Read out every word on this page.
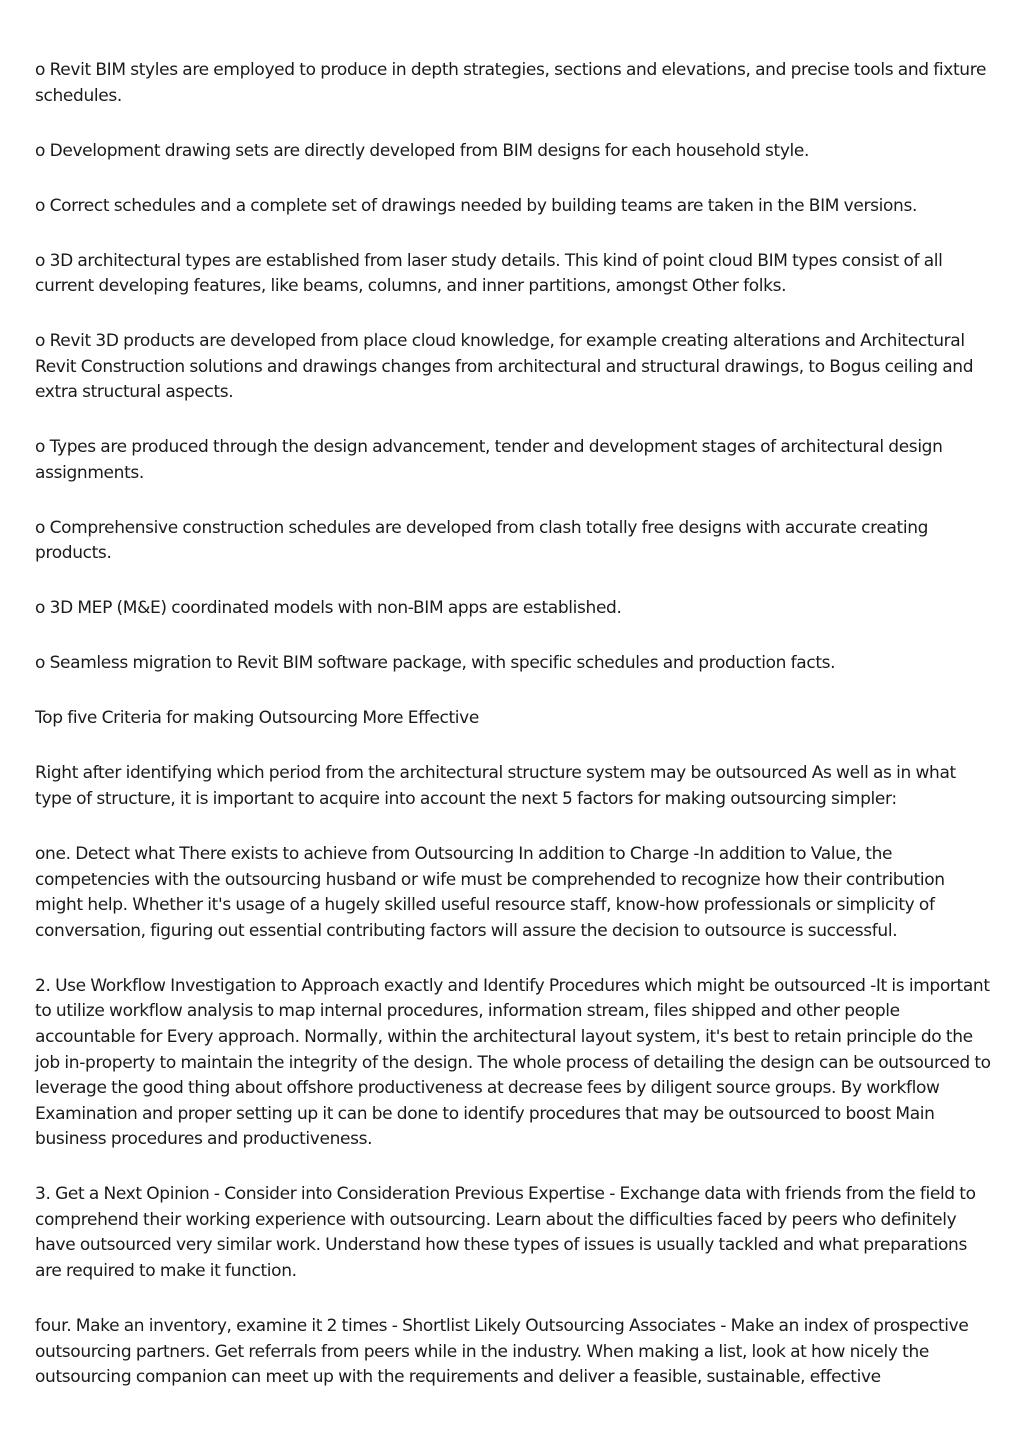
o Revit BIM styles are employed to produce in depth strategies, sections and elevations, and precise tools and fixture schedules.

o Development drawing sets are directly developed from BIM designs for each household style.

o Correct schedules and a complete set of drawings needed by building teams are taken in the BIM versions.

o 3D architectural types are established from laser study details. This kind of point cloud BIM types consist of all current developing features, like beams, columns, and inner partitions, amongst Other folks.

o Revit 3D products are developed from place cloud knowledge, for example creating alterations and Architectural Revit Construction solutions and drawings changes from architectural and structural drawings, to Bogus ceiling and extra structural aspects.

o Types are produced through the design advancement, tender and development stages of architectural design assignments.

o Comprehensive construction schedules are developed from clash totally free designs with accurate creating products.

o 3D MEP (M&E) coordinated models with non-BIM apps are established.

o Seamless migration to Revit BIM software package, with specific schedules and production facts.

Top five Criteria for making Outsourcing More Effective

Right after identifying which period from the architectural structure system may be outsourced As well as in what type of structure, it is important to acquire into account the next 5 factors for making outsourcing simpler:

one. Detect what There exists to achieve from Outsourcing In addition to Charge -In addition to Value, the competencies with the outsourcing husband or wife must be comprehended to recognize how their contribution might help. Whether it's usage of a hugely skilled useful resource staff, know-how professionals or simplicity of conversation, figuring out essential contributing factors will assure the decision to outsource is successful.

2. Use Workflow Investigation to Approach exactly and Identify Procedures which might be outsourced -It is important to utilize workflow analysis to map internal procedures, information stream, files shipped and other people accountable for Every approach. Normally, within the architectural layout system, it's best to retain principle do the job in-property to maintain the integrity of the design. The whole process of detailing the design can be outsourced to leverage the good thing about offshore productiveness at decrease fees by diligent source groups. By workflow Examination and proper setting up it can be done to identify procedures that may be outsourced to boost Main business procedures and productiveness.

3. Get a Next Opinion - Consider into Consideration Previous Expertise - Exchange data with friends from the field to comprehend their working experience with outsourcing. Learn about the difficulties faced by peers who definitely have outsourced very similar work. Understand how these types of issues is usually tackled and what preparations are required to make it function.

four. Make an inventory, examine it 2 times - Shortlist Likely Outsourcing Associates - Make an index of prospective outsourcing partners. Get referrals from peers while in the industry. When making a list, look at how nicely the outsourcing companion can meet up with the requirements and deliver a feasible, sustainable, effective
